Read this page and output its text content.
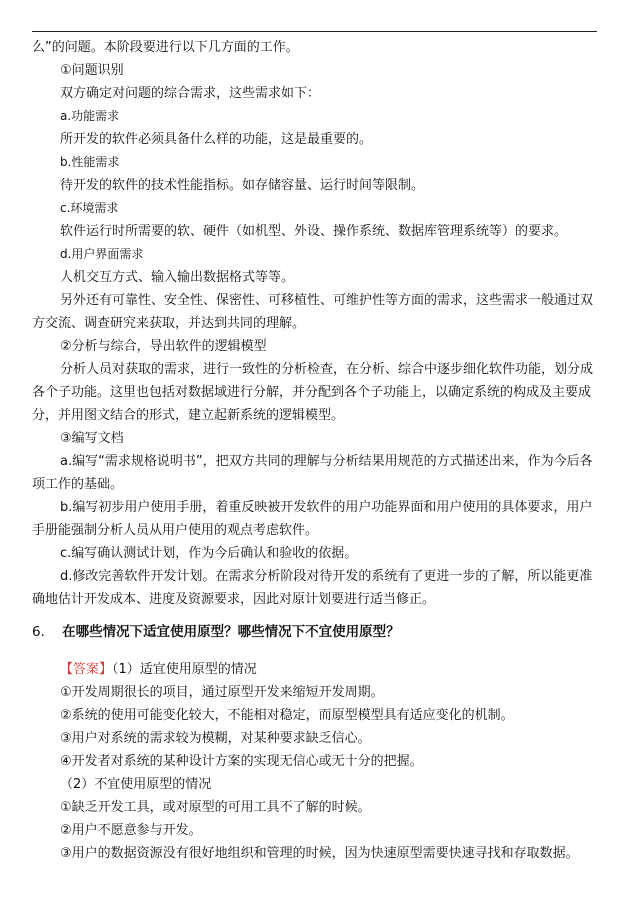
么”的问题。本阶段要进行以下几方面的工作。

①问题识别

双方确定对问题的综合需求，这些需求如下：

a.功能需求

所开发的软件必须具备什么样的功能，这是最重要的。

b.性能需求

待开发的软件的技术性能指标。如存储容量、运行时间等限制。

c.环境需求

软件运行时所需要的软、硬件（如机型、外设、操作系统、数据库管理系统等）的要求。

d.用户界面需求

人机交互方式、输入输出数据格式等等。

另外还有可靠性、安全性、保密性、可移植性、可维护性等方面的需求，这些需求一般通过双方交流、调查研究来获取，并达到共同的理解。

②分析与综合，导出软件的逻辑模型

分析人员对获取的需求，进行一致性的分析检查，在分析、综合中逐步细化软件功能，划分成各个子功能。这里也包括对数据域进行分解，并分配到各个子功能上，以确定系统的构成及主要成分，并用图文结合的形式，建立起新系统的逻辑模型。

③编写文档

a.编写“需求规格说明书”，把双方共同的理解与分析结果用规范的方式描述出来，作为今后各项工作的基础。

b.编写初步用户使用手册，着重反映被开发软件的用户功能界面和用户使用的具体要求，用户手册能强制分析人员从用户使用的观点考虑软件。

c.编写确认测试计划，作为今后确认和验收的依据。

d.修改完善软件开发计划。在需求分析阶段对待开发的系统有了更进一步的了解，所以能更准确地估计开发成本、进度及资源要求，因此对原计划要进行适当修正。

6． 在哪些情况下适宜使用原型？哪些情况下不宜使用原型？

【答案】（1）适宜使用原型的情况

①开发周期很长的项目，通过原型开发来缩短开发周期。

②系统的使用可能变化较大，不能相对稳定，而原型模型具有适应变化的机制。

③用户对系统的需求较为模糊，对某种要求缺乏信心。

④开发者对系统的某种设计方案的实现无信心或无十分的把握。

（2）不宜使用原型的情况

①缺乏开发工具，或对原型的可用工具不了解的时候。

②用户不愿意参与开发。

③用户的数据资源没有很好地组织和管理的时候，因为快速原型需要快速寻找和存取数据。
